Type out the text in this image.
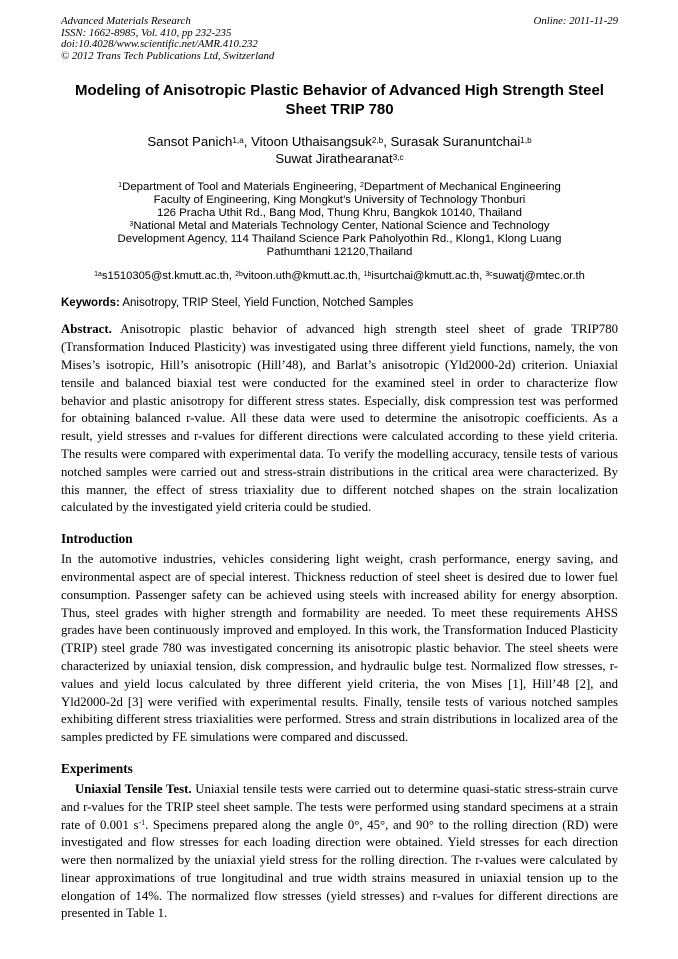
Advanced Materials Research	Online: 2011-11-29
ISSN: 1662-8985, Vol. 410, pp 232-235
doi:10.4028/www.scientific.net/AMR.410.232
© 2012 Trans Tech Publications Ltd, Switzerland
Modeling of Anisotropic Plastic Behavior of Advanced High Strength Steel Sheet TRIP 780
Sansot Panich$^{1,a}$, Vitoon Uthaisangsuk$^{2,b}$, Surasak Suranuntchai$^{1,b}$
Suwat Jirathearanat$^{3,c}$
$^1$Department of Tool and Materials Engineering, $^2$Department of Mechanical Engineering
Faculty of Engineering, King Mongkut’s University of Technology Thonburi
126 Pracha Uthit Rd., Bang Mod, Thung Khru, Bangkok 10140, Thailand
$^3$National Metal and Materials Technology Center, National Science and Technology
Development Agency, 114 Thailand Science Park Paholyothin Rd., Klong1, Klong Luang
Pathumthani 12120,Thailand
$^{1a}$s1510305@st.kmutt.ac.th, $^{2b}$vitoon.uth@kmutt.ac.th, $^{1b}$isurtchai@kmutt.ac.th, $^{3c}$suwatj@mtec.or.th

Keywords: Anisotropy, TRIP Steel, Yield Function, Notched Samples

Abstract. Anisotropic plastic behavior of advanced high strength steel sheet of grade TRIP780 (Transformation Induced Plasticity) was investigated using three different yield functions, namely, the von Mises’s isotropic, Hill’s anisotropic (Hill’48), and Barlat’s anisotropic (Yld2000-2d) criterion. Uniaxial tensile and balanced biaxial test were conducted for the examined steel in order to characterize flow behavior and plastic anisotropy for different stress states. Especially, disk compression test was performed for obtaining balanced r-value. All these data were used to determine the anisotropic coefficients. As a result, yield stresses and r-values for different directions were calculated according to these yield criteria. The results were compared with experimental data. To verify the modelling accuracy, tensile tests of various notched samples were carried out and stress-strain distributions in the critical area were characterized. By this manner, the effect of stress triaxiality due to different notched shapes on the strain localization calculated by the investigated yield criteria could be studied.

Introduction

In the automotive industries, vehicles considering light weight, crash performance, energy saving, and environmental aspect are of special interest. Thickness reduction of steel sheet is desired due to lower fuel consumption. Passenger safety can be achieved using steels with increased ability for energy absorption. Thus, steel grades with higher strength and formability are needed. To meet these requirements AHSS grades have been continuously improved and employed. In this work, the Transformation Induced Plasticity (TRIP) steel grade 780 was investigated concerning its anisotropic plastic behavior. The steel sheets were characterized by uniaxial tension, disk compression, and hydraulic bulge test. Normalized flow stresses, r-values and yield locus calculated by three different yield criteria, the von Mises [1], Hill’48 [2], and Yld2000-2d [3] were verified with experimental results. Finally, tensile tests of various notched samples exhibiting different stress triaxialities were performed. Stress and strain distributions in localized area of the samples predicted by FE simulations were compared and discussed.

Experiments

Uniaxial Tensile Test. Uniaxial tensile tests were carried out to determine quasi-static stress-strain curve and r-values for the TRIP steel sheet sample. The tests were performed using standard specimens at a strain rate of 0.001 $s^{-1}$. Specimens prepared along the angle 0°, 45°, and 90° to the rolling direction (RD) were investigated and flow stresses for each loading direction were obtained. Yield stresses for each direction were then normalized by the uniaxial yield stress for the rolling direction. The r-values were calculated by linear approximations of true longitudinal and true width strains measured in uniaxial tension up to the elongation of 14%. The normalized flow stresses (yield stresses) and r-values for different directions are presented in Table 1.
